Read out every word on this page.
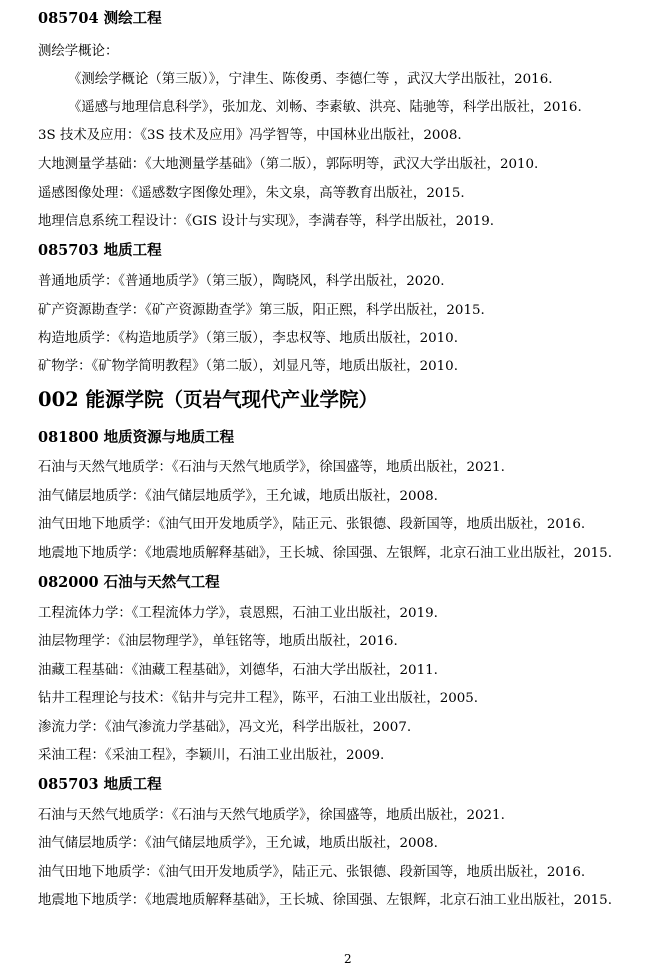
085704 测绘工程
测绘学概论：
《测绘学概论（第三版）》，宁津生、陈俊勇、李德仁等 ，武汉大学出版社，2016.
《遥感与地理信息科学》，张加龙、刘畅、李素敏、洪亮、陆驰等，科学出版社，2016.
3S 技术及应用：《3S 技术及应用》冯学智等，中国林业出版社，2008.
大地测量学基础：《大地测量学基础》（第二版），郭际明等，武汉大学出版社，2010.
遥感图像处理：《遥感数字图像处理》，朱文泉，高等教育出版社，2015.
地理信息系统工程设计：《GIS 设计与实现》，李满春等，科学出版社，2019.
085703 地质工程
普通地质学：《普通地质学》（第三版），陶晓风，科学出版社，2020.
矿产资源勘查学：《矿产资源勘查学》第三版，阳正熙，科学出版社，2015.
构造地质学：《构造地质学》（第三版），李忠权等、地质出版社，2010.
矿物学：《矿物学简明教程》（第二版），刘显凡等，地质出版社，2010.
002 能源学院（页岩气现代产业学院）
081800 地质资源与地质工程
石油与天然气地质学：《石油与天然气地质学》，徐国盛等，地质出版社，2021.
油气储层地质学：《油气储层地质学》，王允诚，地质出版社，2008.
油气田地下地质学：《油气田开发地质学》，陆正元、张银德、段新国等，地质出版社，2016.
地震地下地质学：《地震地质解释基础》，王长城、徐国强、左银辉，北京石油工业出版社，2015.
082000 石油与天然气工程
工程流体力学：《工程流体力学》，袁恩熙，石油工业出版社，2019.
油层物理学：《油层物理学》，单钰铭等，地质出版社，2016.
油藏工程基础：《油藏工程基础》，刘德华，石油大学出版社，2011.
钻井工程理论与技术：《钻井与完井工程》，陈平，石油工业出版社，2005.
渗流力学：《油气渗流力学基础》，冯文光，科学出版社，2007.
采油工程：《采油工程》，李颖川，石油工业出版社，2009.
085703 地质工程
石油与天然气地质学：《石油与天然气地质学》，徐国盛等，地质出版社，2021.
油气储层地质学：《油气储层地质学》，王允诚，地质出版社，2008.
油气田地下地质学：《油气田开发地质学》，陆正元、张银德、段新国等，地质出版社，2016.
地震地下地质学：《地震地质解释基础》，王长城、徐国强、左银辉，北京石油工业出版社，2015.
2
